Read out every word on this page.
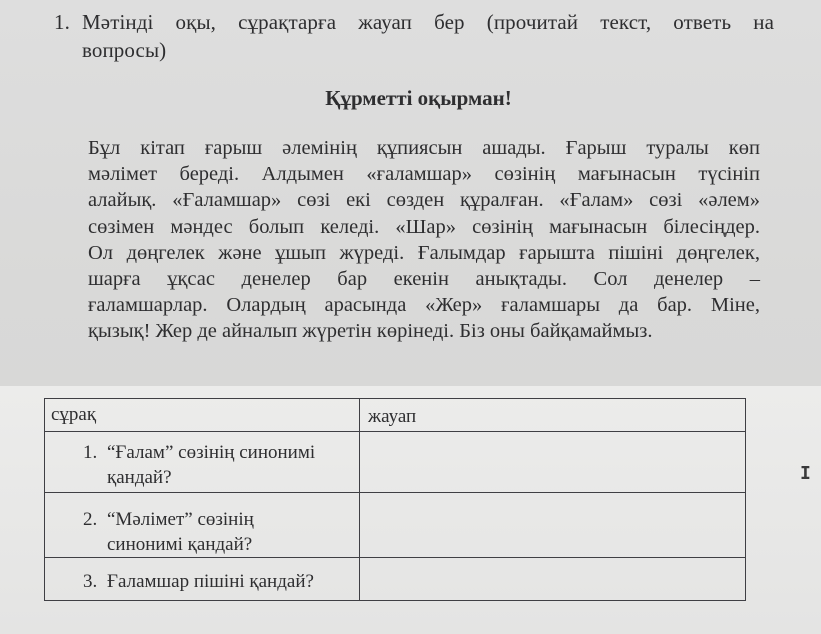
1. Мәтінді оқы, сұрақтарға жауап бер (прочитай текст, ответь на
вопросы)
Құрметті оқырман!
Бұл кітап ғарыш әлемінің құпиясын ашады. Ғарыш туралы көп
мәлімет береді. Алдымен «ғаламшар» сөзінің мағынасын түсініп
алайық. «Ғаламшар» сөзі екі сөзден құралған. «Ғалам» сөзі «әлем»
сөзімен мәндес болып келеді. «Шар» сөзінің мағынасын білесіңдер.
Ол дөңгелек және ұшып жүреді. Ғалымдар ғарышта пішіні дөңгелек,
шарға ұқсас денелер бар екенін анықтады. Сол денелер –
ғаламшарлар. Олардың арасында «Жер» ғаламшары да бар. Міне,
қызық! Жер де айналып жүретін көрінеді. Біз оны байқамаймыз.
сұрақ	жауап

1. “Ғалам” сөзінің синонимі
қандай?	

2. “Мәлімет” сөзінің
синонимі қандай?	

3. Ғаламшар пішіні қандай?	

I
